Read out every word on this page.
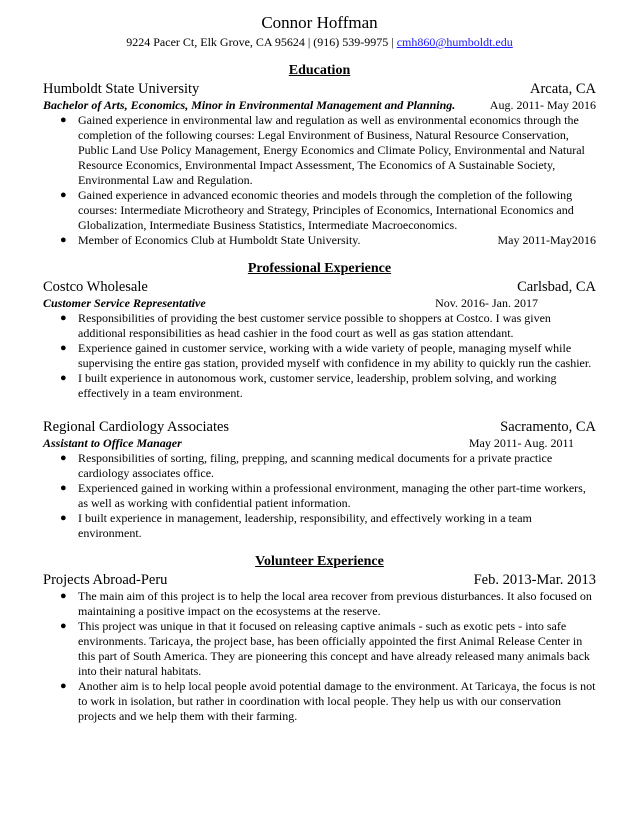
Connor Hoffman
9224 Pacer Ct, Elk Grove, CA 95624 | (916) 539-9975 | cmh860@humboldt.edu
Education
Humboldt State University	Arcata, CA
Bachelor of Arts, Economics, Minor in Environmental Management and Planning.	Aug. 2011- May 2016
● Gained experience in environmental law and regulation as well as environmental economics through the completion of the following courses: Legal Environment of Business, Natural Resource Conservation, Public Land Use Policy Management, Energy Economics and Climate Policy, Environmental and Natural Resource Economics, Environmental Impact Assessment, The Economics of A Sustainable Society, Environmental Law and Regulation.
● Gained experience in advanced economic theories and models through the completion of the following courses: Intermediate Microtheory and Strategy, Principles of Economics, International Economics and Globalization, Intermediate Business Statistics, Intermediate Macroeconomics.
● Member of Economics Club at Humboldt State University.	May 2011-May2016
Professional Experience
Costco Wholesale	Carlsbad, CA
Customer Service Representative	Nov. 2016- Jan. 2017
● Responsibilities of providing the best customer service possible to shoppers at Costco. I was given additional responsibilities as head cashier in the food court as well as gas station attendant.
● Experience gained in customer service, working with a wide variety of people, managing myself while supervising the entire gas station, provided myself with confidence in my ability to quickly run the cashier.
● I built experience in autonomous work, customer service, leadership, problem solving, and working effectively in a team environment.
Regional Cardiology Associates	Sacramento, CA
Assistant to Office Manager	May 2011- Aug. 2011
● Responsibilities of sorting, filing, prepping, and scanning medical documents for a private practice cardiology associates office.
● Experienced gained in working within a professional environment, managing the other part-time workers, as well as working with confidential patient information.
● I built experience in management, leadership, responsibility, and effectively working in a team environment.
Volunteer Experience
Projects Abroad-Peru	Feb. 2013-Mar. 2013
● The main aim of this project is to help the local area recover from previous disturbances. It also focused on maintaining a positive impact on the ecosystems at the reserve.
● This project was unique in that it focused on releasing captive animals - such as exotic pets - into safe environments. Taricaya, the project base, has been officially appointed the first Animal Release Center in this part of South America. They are pioneering this concept and have already released many animals back into their natural habitats.
● Another aim is to help local people avoid potential damage to the environment. At Taricaya, the focus is not to work in isolation, but rather in coordination with local people. They help us with our conservation projects and we help them with their farming.
